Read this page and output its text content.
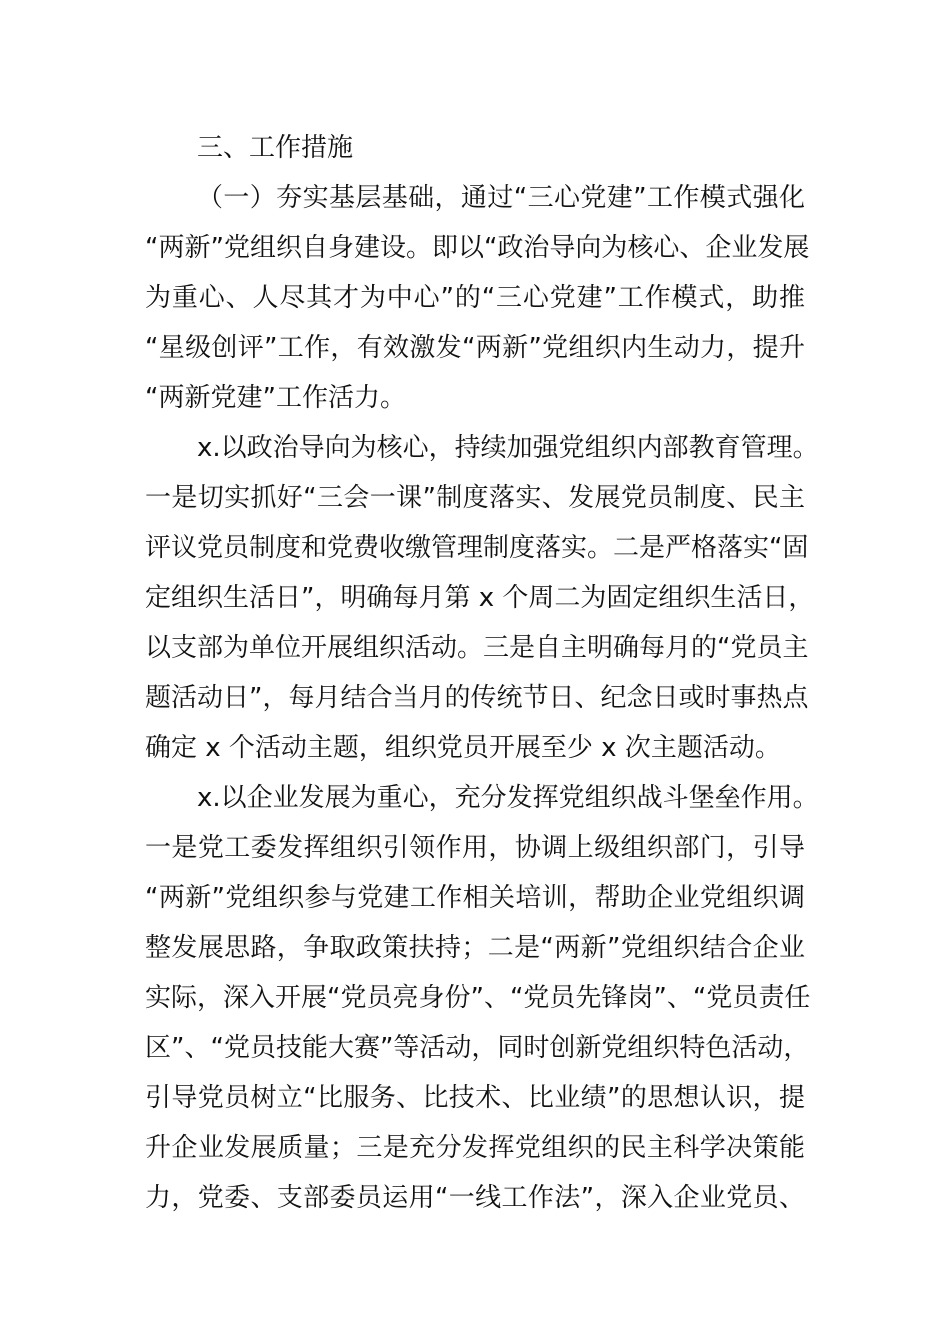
三、工作措施
（一）夯实基层基础，通过“三心党建”工作模式强化
“两新”党组织自身建设。即以“政治导向为核心、企业发展
为重心、人尽其才为中心”的“三心党建”工作模式，助推
“星级创评”工作，有效激发“两新”党组织内生动力，提升
“两新党建”工作活力。
x.以政治导向为核心，持续加强党组织内部教育管理。
一是切实抓好“三会一课”制度落实、发展党员制度、民主
评议党员制度和党费收缴管理制度落实。二是严格落实“固
定组织生活日”，明确每月第 x 个周二为固定组织生活日，
以支部为单位开展组织活动。三是自主明确每月的“党员主
题活动日”，每月结合当月的传统节日、纪念日或时事热点
确定 x 个活动主题，组织党员开展至少 x 次主题活动。
x.以企业发展为重心，充分发挥党组织战斗堡垒作用。
一是党工委发挥组织引领作用，协调上级组织部门，引导
“两新”党组织参与党建工作相关培训，帮助企业党组织调
整发展思路，争取政策扶持；二是“两新”党组织结合企业
实际，深入开展“党员亮身份”、“党员先锋岗”、“党员责任
区”、“党员技能大赛”等活动，同时创新党组织特色活动，
引导党员树立“比服务、比技术、比业绩”的思想认识，提
升企业发展质量；三是充分发挥党组织的民主科学决策能
力，党委、支部委员运用“一线工作法”，深入企业党员、
